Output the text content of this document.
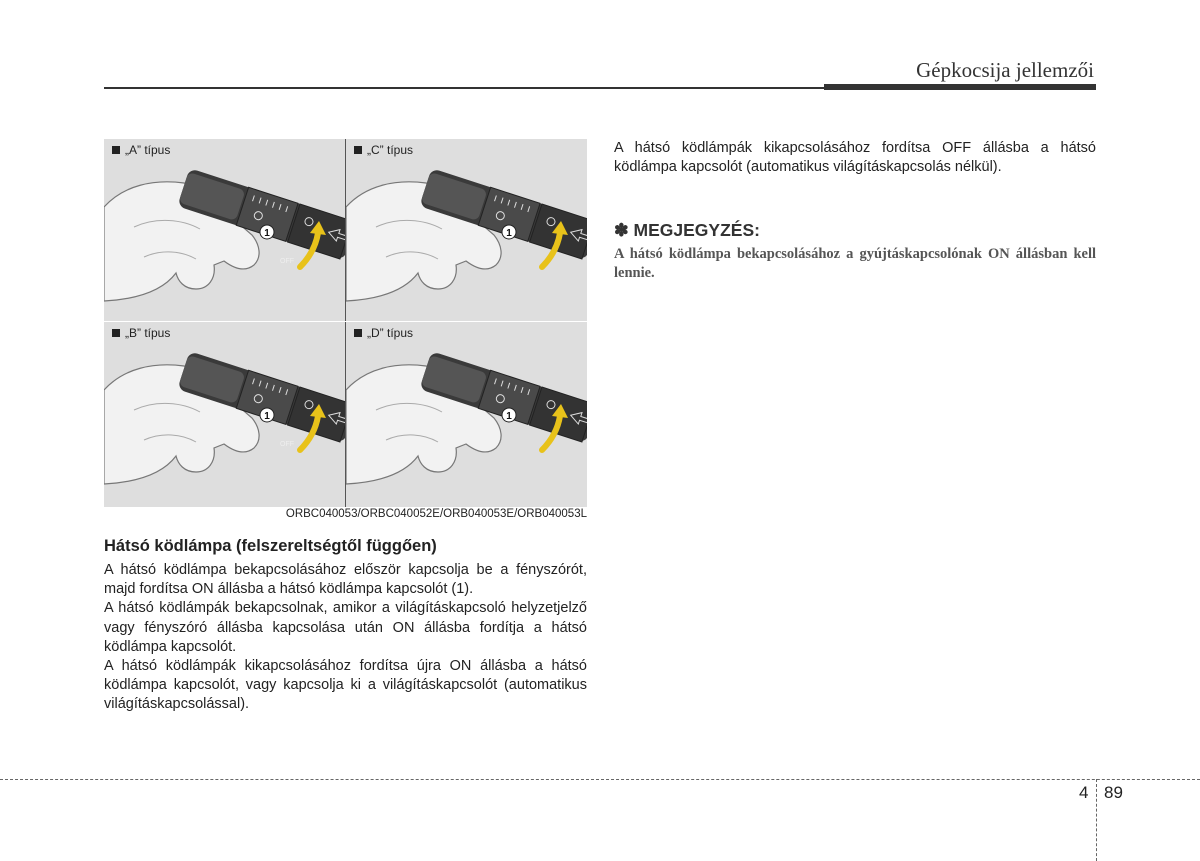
Gépkocsija jellemzői
1
OFF
„A” típus
1
„C” típus
1
OFF
„B” típus
1
„D” típus
ORBC040053/ORBC040052E/ORB040053E/ORB040053L
Hátsó ködlámpa (felszereltségtől függően)

A hátsó ködlámpa bekapcsolásához először kapcsolja be a fényszórót, majd fordítsa ON állásba a hátsó ködlámpa kapcsolót (1).

A hátsó ködlámpák bekapcsolnak, amikor a világításkapcsoló helyzetjelző vagy fényszóró állásba kapcsolása után ON állásba fordítja a hátsó ködlámpa kapcsolót.

A hátsó ködlámpák kikapcsolásához fordítsa újra ON állásba a hátsó ködlámpa kapcsolót, vagy kapcsolja ki a világításkapcsolót (automatikus világításkapcsolással).

A hátsó ködlámpák kikapcsolásához fordítsa OFF állásba a hátsó ködlámpa kapcsolót (automatikus világításkapcsolás nélkül).
✽ MEGJEGYZÉS:
A hátsó ködlámpa bekapcsolásához a gyújtáskapcsolónak ON állásban kell lennie.
4 89
